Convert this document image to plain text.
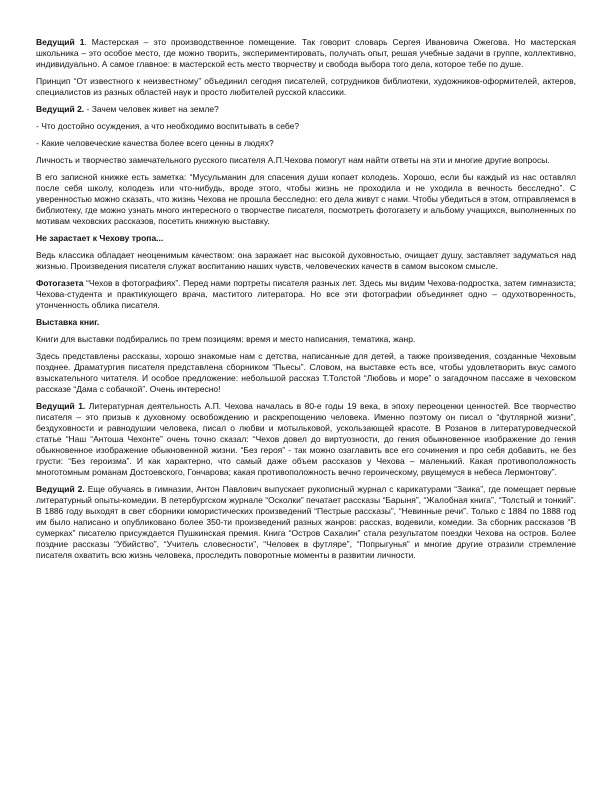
Ведущий 1. Мастерская – это производственное помещение. Так говорит словарь Сергея Ивановича Ожегова. Но мастерская школьника – это особое место, где можно творить, экспериментировать, получать опыт, решая учебные задачи в группе, коллективно, индивидуально. А самое главное: в мастерской есть место творчеству и свобода выбора того дела, которое тебе по душе.

Принцип “От известного к неизвестному” объединил сегодня писателей, сотрудников библиотеки, художников-оформителей, актеров, специалистов из разных областей наук и просто любителей русской классики.

Ведущий 2. - Зачем человек живет на земле?

- Что достойно осуждения, а что необходимо воспитывать в себе?

- Какие человеческие качества более всего ценны в людях?

Личность и творчество замечательного русского писателя А.П.Чехова помогут нам найти ответы на эти и многие другие вопросы.

В его записной книжке есть заметка: “Мусульманин для спасения души копает колодезь. Хорошо, если бы каждый из нас оставлял после себя школу, колодезь или что-нибудь, вроде этого, чтобы жизнь не проходила и не уходила в вечность бесследно”. С уверенностью можно сказать, что жизнь Чехова не прошла бесследно: его дела живут с нами. Чтобы убедиться в этом, отправляемся в библиотеку, где можно узнать много интересного о творчестве писателя, посмотреть фотогазету и альбому учащихся, выполненных по мотивам чеховских рассказов, посетить книжную выставку.

Не зарастает к Чехову тропа...

Ведь классика обладает неоценимым качеством: она заражает нас высокой духовностью, очищает душу, заставляет задуматься над жизнью. Произведения писателя служат воспитанию наших чувств, человеческих качеств в самом высоком смысле.

Фотогазета “Чехов в фотографиях”. Перед нами портреты писателя разных лет. Здесь мы видим Чехова-подростка, затем гимназиста; Чехова-студента и практикующего врача, маститого литератора. Но все эти фотографии объединяет одно – одухотворенность, утонченность облика писателя.

Выставка книг.

Книги для выставки подбирались по трем позициям: время и место написания, тематика, жанр.

Здесь представлены рассказы, хорошо знакомые нам с детства, написанные для детей, а также произведения, созданные Чеховым позднее. Драматургия писателя представлена сборником “Пьесы”. Словом, на выставке есть все, чтобы удовлетворить вкус самого взыскательного читателя. И особое предложение: небольшой рассказ Т.Толстой “Любовь и море” о загадочном пассаже в чеховском рассказе “Дама с собачкой”. Очень интересно!

Ведущий 1. Литературная деятельность А.П. Чехова началась в 80-е годы 19 века, в эпоху переоценки ценностей. Все творчество писателя – это призыв к духовному освобождению и раскрепощению человека. Именно поэтому он писал о “футлярной жизни”, бездуховности и равнодушии человека, писал о любви и мотыльковой, ускользающей красоте. В Розанов в литературоведческой статье “Наш “Антоша Чехонте” очень точно сказал: “Чехов довел до виртуозности, до гения обыкновенное изображение до гения обыкновенное изображение обыкновенной жизни. “Без героя” - так можно озаглавить все его сочинения и про себя добавить, не без грусти: “Без героизма”. И как характерно, что самый даже объем рассказов у Чехова – маленький. Какая противоположность многотомным романам Достоевского, Гончарова; какая противоположность вечно героическому, рвущемуся в небеса Лермонтову”.

Ведущий 2. Еще обучаясь в гимназии, Антон Павлович выпускает рукописный журнал с карикатурами “Заика”, где помещает первые литературный опыты-комедии. В петербургском журнале “Осколки” печатает рассказы “Барыня”, “Жалобная книга”, “Толстый и тонкий”. В 1886 году выходят в свет сборники юмористических произведений “Пестрые рассказы”, “Невинные речи”. Только с 1884 по 1888 год им было написано и опубликовано более 350-ти произведений разных жанров: рассказ, водевили, комедии. За сборник рассказов “В сумерках” писателю присуждается Пушкинская премия. Книга “Остров Сахалин” стала результатом поездки Чехова на остров. Более поздние рассказы “Убийство”, “Учитель словесности”, “Человек в футляре”, “Попрыгунья” и многие другие отразили стремление писателя охватить всю жизнь человека, проследить поворотные моменты в развитии личности.
